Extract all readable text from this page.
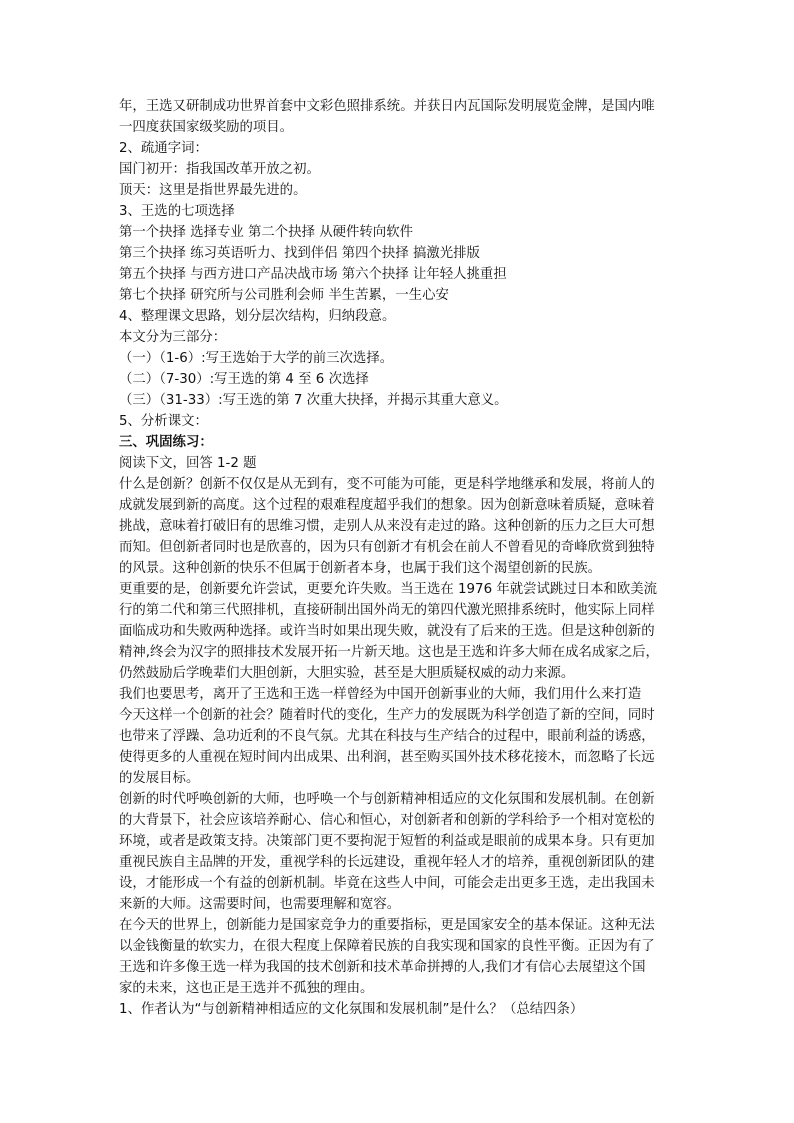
年，王选又研制成功世界首套中文彩色照排系统。并获日内瓦国际发明展览金牌，是国内唯

一四度获国家级奖励的项目。

2、疏通字词：

国门初开：指我国改革开放之初。

顶天：这里是指世界最先进的。

3、王选的七项选择

第一个抉择 选择专业 第二个抉择 从硬件转向软件

第三个抉择 练习英语听力、找到伴侣 第四个抉择 搞激光排版

第五个抉择 与西方进口产品决战市场 第六个抉择 让年轻人挑重担

第七个抉择 研究所与公司胜利会师 半生苦累，一生心安

4、整理课文思路，划分层次结构，归纳段意。

本文分为三部分：

（一）（1-6）:写王选始于大学的前三次选择。

（二）（7-30）:写王选的第 4 至 6 次选择

（三）（31-33）:写王选的第 7 次重大抉择，并揭示其重大意义。

5、分析课文：

三、巩固练习：

阅读下文，回答 1-2 题

什么是创新？创新不仅仅是从无到有，变不可能为可能，更是科学地继承和发展，将前人的

成就发展到新的高度。这个过程的艰难程度超乎我们的想象。因为创新意味着质疑，意味着

挑战，意味着打破旧有的思维习惯，走别人从来没有走过的路。这种创新的压力之巨大可想

而知。但创新者同时也是欣喜的，因为只有创新才有机会在前人不曾看见的奇峰欣赏到独特

的风景。这种创新的快乐不但属于创新者本身，也属于我们这个渴望创新的民族。

更重要的是，创新要允许尝试，更要允许失败。当王选在 1976 年就尝试跳过日本和欧美流

行的第二代和第三代照排机，直接研制出国外尚无的第四代激光照排系统时，他实际上同样

面临成功和失败两种选择。或许当时如果出现失败，就没有了后来的王选。但是这种创新的

精神,终会为汉字的照排技术发展开拓一片新天地。这也是王选和许多大师在成名成家之后，

仍然鼓励后学晚辈们大胆创新，大胆实验，甚至是大胆质疑权威的动力来源。

我们也要思考，离开了王选和王选一样曾经为中国开创新事业的大师，我们用什么来打造

今天这样一个创新的社会？随着时代的变化，生产力的发展既为科学创造了新的空间，同时

也带来了浮躁、急功近利的不良气氛。尤其在科技与生产结合的过程中，眼前利益的诱惑，

使得更多的人重视在短时间内出成果、出利润，甚至购买国外技术移花接木，而忽略了长远

的发展目标。

创新的时代呼唤创新的大师，也呼唤一个与创新精神相适应的文化氛围和发展机制。在创新

的大背景下，社会应该培养耐心、信心和恒心，对创新者和创新的学科给予一个相对宽松的

环境，或者是政策支持。决策部门更不要拘泥于短暂的利益或是眼前的成果本身。只有更加

重视民族自主品牌的开发，重视学科的长远建设，重视年轻人才的培养，重视创新团队的建

设，才能形成一个有益的创新机制。毕竟在这些人中间，可能会走出更多王选，走出我国未

来新的大师。这需要时间，也需要理解和宽容。

在今天的世界上，创新能力是国家竞争力的重要指标，更是国家安全的基本保证。这种无法

以金钱衡量的软实力，在很大程度上保障着民族的自我实现和国家的良性平衡。正因为有了

王选和许多像王选一样为我国的技术创新和技术革命拼搏的人,我们才有信心去展望这个国

家的未来，这也正是王选并不孤独的理由。

1、作者认为“与创新精神相适应的文化氛围和发展机制”是什么？（总结四条）
